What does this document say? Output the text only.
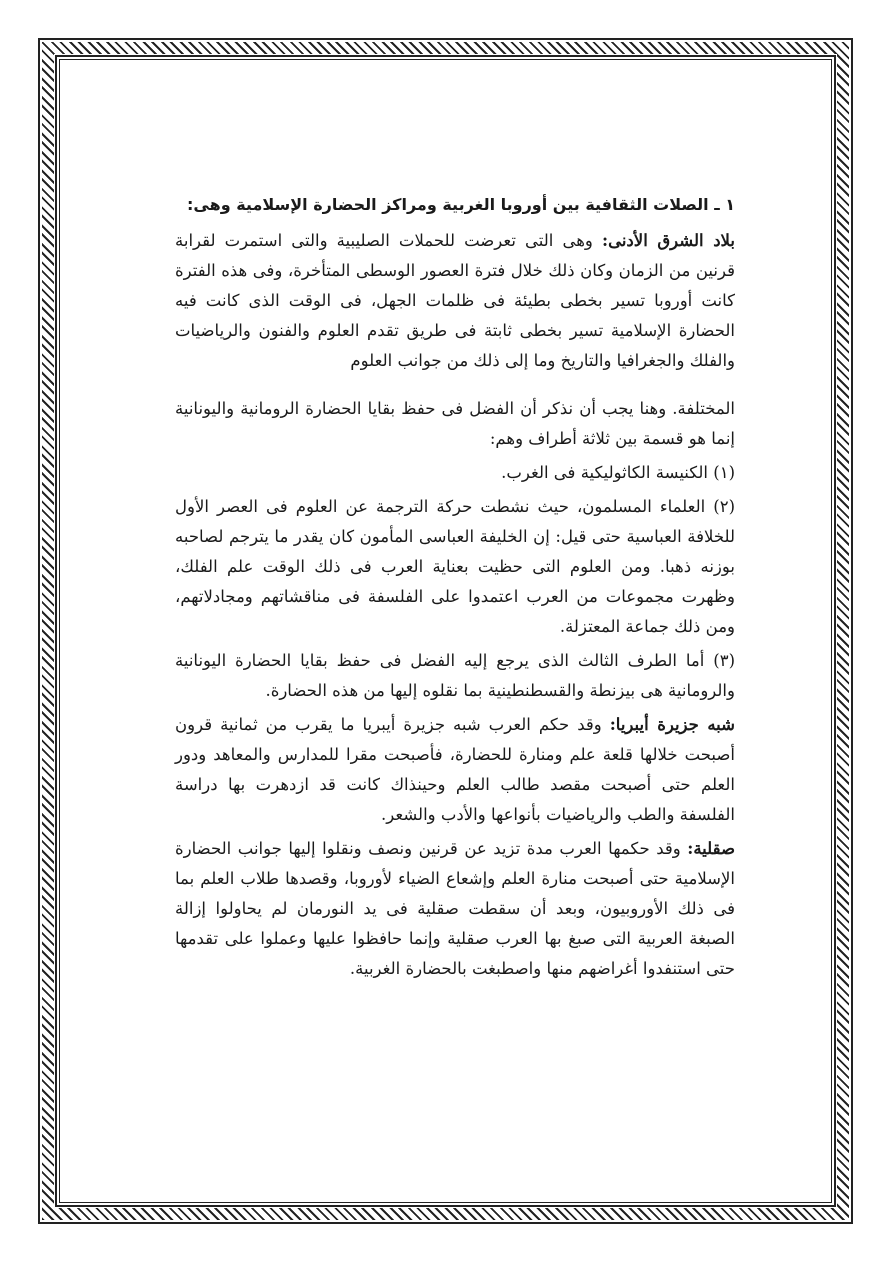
١ ـ الصلات الثقافية بين أوروبا الغربية ومراكز الحضارة الإسلامية وهى:

بلاد الشرق الأدنى: وهى التى تعرضت للحملات الصليبية والتى استمرت لقرابة قرنين من الزمان وكان ذلك خلال فترة العصور الوسطى المتأخرة، وفى هذه الفترة كانت أوروبا تسير بخطى بطيئة فى ظلمات الجهل، فى الوقت الذى كانت فيه الحضارة الإسلامية تسير بخطى ثابتة فى طريق تقدم العلوم والفنون والرياضيات والفلك والجغرافيا والتاريخ وما إلى ذلك من جوانب العلوم

المختلفة. وهنا يجب أن نذكر أن الفضل فى حفظ بقايا الحضارة الرومانية واليونانية إنما هو قسمة بين ثلاثة أطراف وهم:

(١) الكنيسة الكاثوليكية فى الغرب.

(٢) العلماء المسلمون، حيث نشطت حركة الترجمة عن العلوم فى العصر الأول للخلافة العباسية حتى قيل: إن الخليفة العباسى المأمون كان يقدر ما يترجم لصاحبه بوزنه ذهبا. ومن العلوم التى حظيت بعناية العرب فى ذلك الوقت علم الفلك، وظهرت مجموعات من العرب اعتمدوا على الفلسفة فى مناقشاتهم ومجادلاتهم، ومن ذلك جماعة المعتزلة.

(٣) أما الطرف الثالث الذى يرجع إليه الفضل فى حفظ بقايا الحضارة اليونانية والرومانية هى بيزنطة والقسطنطينية بما نقلوه إليها من هذه الحضارة.

شبه جزيرة أيبريا: وقد حكم العرب شبه جزيرة أيبريا ما يقرب من ثمانية قرون أصبحت خلالها قلعة علم ومنارة للحضارة، فأصبحت مقرا للمدارس والمعاهد ودور العلم حتى أصبحت مقصد طالب العلم وحينذاك كانت قد ازدهرت بها دراسة الفلسفة والطب والرياضيات بأنواعها والأدب والشعر.

صقلية: وقد حكمها العرب مدة تزيد عن قرنين ونصف ونقلوا إليها جوانب الحضارة الإسلامية حتى أصبحت منارة العلم وإشعاع الضياء لأوروبا، وقصدها طلاب العلم بما فى ذلك الأوروبيون، وبعد أن سقطت صقلية فى يد النورمان لم يحاولوا إزالة الصبغة العربية التى صبغ بها العرب صقلية وإنما حافظوا عليها وعملوا على تقدمها حتى استنفدوا أغراضهم منها واصطبغت بالحضارة الغربية.
